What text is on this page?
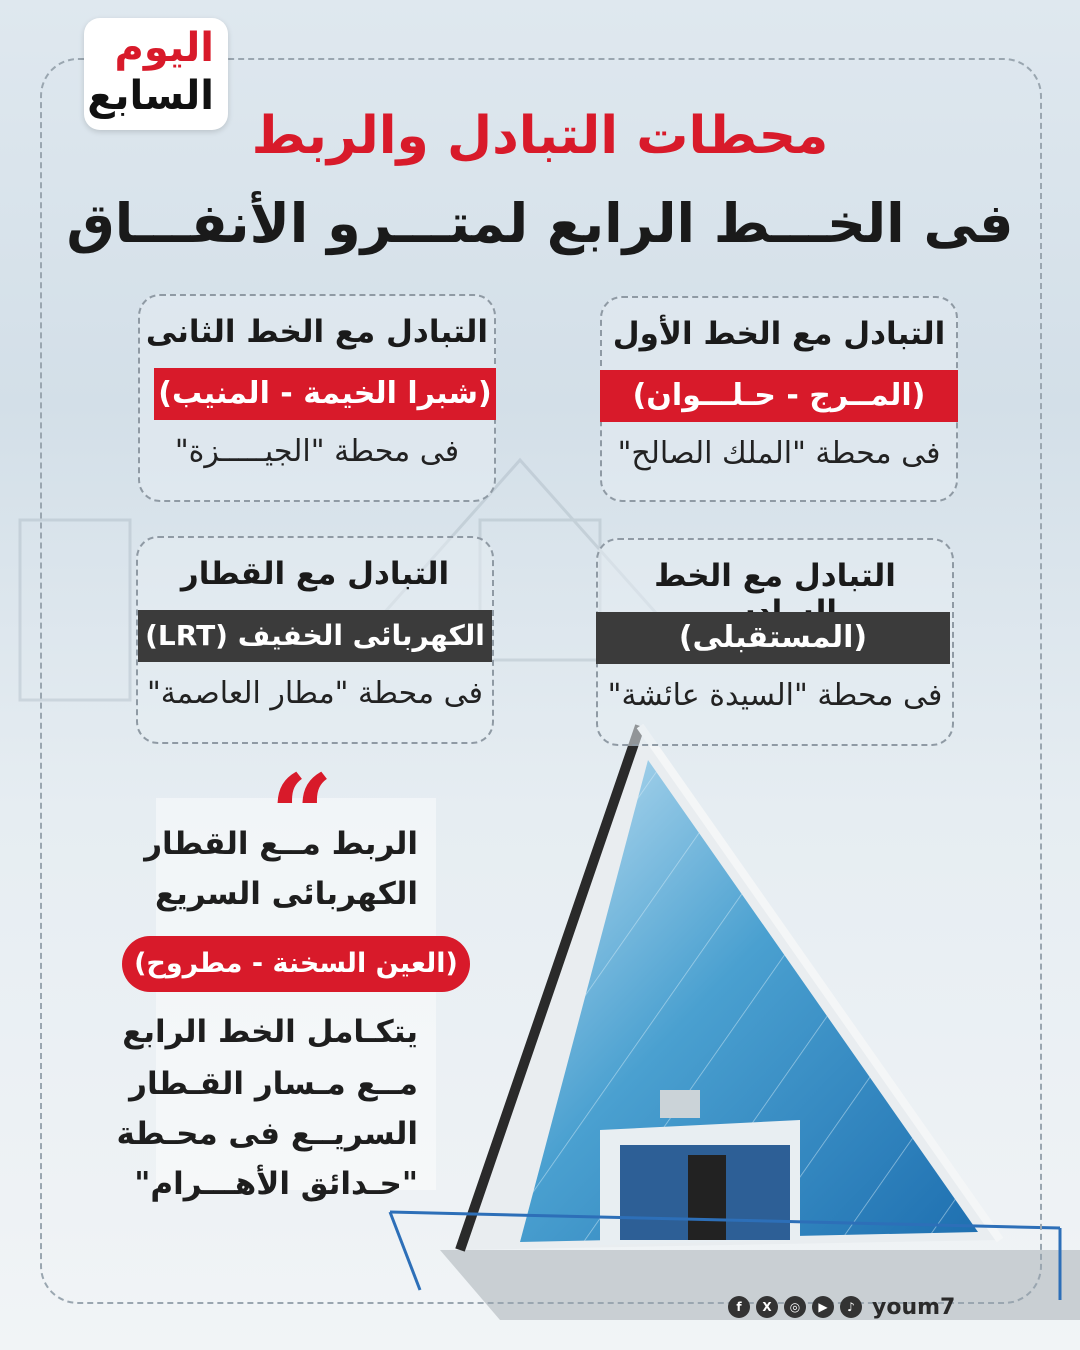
اليوم
السابع
محطات التبادل والربط
فى الخـــط الرابع لمتـــرو الأنفـــاق
التبادل مع الخط الأول
(المــرج - حـلـــوان)
فى محطة "الملك الصالح"
التبادل مع الخط الثانى
(شبرا الخيمة - المنيب)
فى محطة "الجيـــــزة"
التبادل مع الخط
(المستقبلى)
فى محطة "السيدة عائشة"
التبادل مع القطار
الكهربائى الخفيف (LRT)
فى محطة "مطار العاصمة"
“
الربط مــع القطار
الكهربائى السريع
(العين السخنة - مطروح)
يتكـامل الخط الرابع
مــع مـسار القـطار
السريــع فى محـطة
"حـدائق الأهـــرام"
f	X	◎	▶	♪ youm7
